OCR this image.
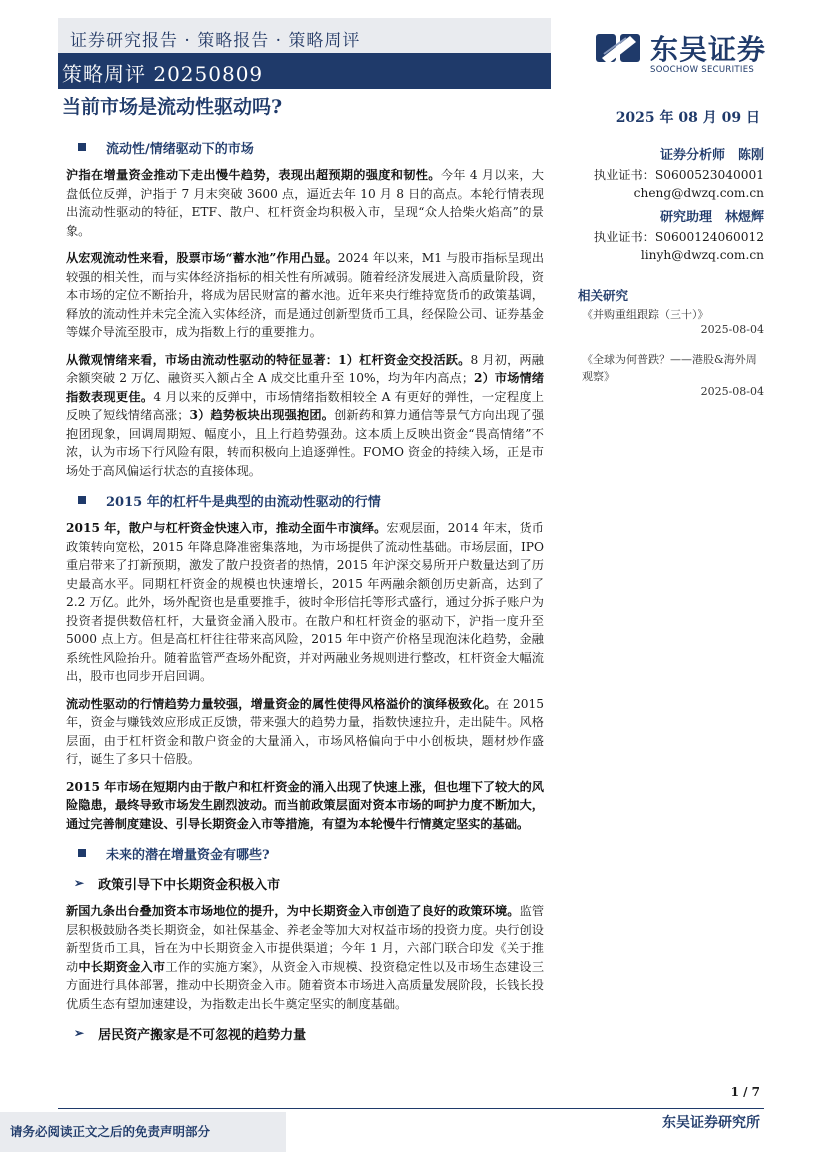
证券研究报告 · 策略报告 · 策略周评
策略周评 20250809
东吴证券
SOOCHOW SECURITIES
当前市场是流动性驱动吗?	2025 年 08 月 09 日
流动性/情绪驱动下的市场

沪指在增量资金推动下走出慢牛趋势，表现出超预期的强度和韧性。今年 4 月以来，大盘低位反弹，沪指于 7 月末突破 3600 点，逼近去年 10 月 8 日的高点。本轮行情表现出流动性驱动的特征，ETF、散户、杠杆资金均积极入市，呈现“众人拾柴火焰高”的景象。

从宏观流动性来看，股票市场“蓄水池”作用凸显。2024 年以来，M1 与股市指标呈现出较强的相关性，而与实体经济指标的相关性有所减弱。随着经济发展进入高质量阶段，资本市场的定位不断抬升，将成为居民财富的蓄水池。近年来央行维持宽货币的政策基调，释放的流动性并未完全流入实体经济，而是通过创新型货币工具，经保险公司、证券基金等媒介导流至股市，成为指数上行的重要推力。

从微观情绪来看，市场由流动性驱动的特征显著：1）杠杆资金交投活跃。8 月初，两融余额突破 2 万亿、融资买入额占全 A 成交比重升至 10%，均为年内高点；2）市场情绪指数表现更佳。4 月以来的反弹中，市场情绪指数相较全 A 有更好的弹性，一定程度上反映了短线情绪高涨；3）趋势板块出现强抱团。创新药和算力通信等景气方向出现了强抱团现象，回调周期短、幅度小，且上行趋势强劲。这本质上反映出资金“畏高情绪”不浓，认为市场下行风险有限，转而积极向上追逐弹性。FOMO 资金的持续入场，正是市场处于高风偏运行状态的直接体现。

2015 年的杠杆牛是典型的由流动性驱动的行情

2015 年，散户与杠杆资金快速入市，推动全面牛市演绎。宏观层面，2014 年末，货币政策转向宽松，2015 年降息降准密集落地，为市场提供了流动性基础。市场层面，IPO 重启带来了打新预期，激发了散户投资者的热情，2015 年沪深交易所开户数量达到了历史最高水平。同期杠杆资金的规模也快速增长，2015 年两融余额创历史新高，达到了 2.2 万亿。此外，场外配资也是重要推手，彼时伞形信托等形式盛行，通过分拆子账户为投资者提供数倍杠杆，大量资金涌入股市。在散户和杠杆资金的驱动下，沪指一度升至 5000 点上方。但是高杠杆往往带来高风险，2015 年中资产价格呈现泡沫化趋势，金融系统性风险抬升。随着监管严查场外配资，并对两融业务规则进行整改，杠杆资金大幅流出，股市也同步开启回调。

流动性驱动的行情趋势力量较强，增量资金的属性使得风格溢价的演绎极致化。在 2015 年，资金与赚钱效应形成正反馈，带来强大的趋势力量，指数快速拉升，走出陡牛。风格层面，由于杠杆资金和散户资金的大量涌入，市场风格偏向于中小创板块，题材炒作盛行，诞生了多只十倍股。

2015 年市场在短期内由于散户和杠杆资金的涌入出现了快速上涨，但也埋下了较大的风险隐患，最终导致市场发生剧烈波动。而当前政策层面对资本市场的呵护力度不断加大，通过完善制度建设、引导长期资金入市等措施，有望为本轮慢牛行情奠定坚实的基础。

未来的潜在增量资金有哪些?
➢ 政策引导下中长期资金积极入市

新国九条出台叠加资本市场地位的提升，为中长期资金入市创造了良好的政策环境。监管层积极鼓励各类长期资金，如社保基金、养老金等加大对权益市场的投资力度。央行创设新型货币工具，旨在为中长期资金入市提供渠道；今年 1 月，六部门联合印发《关于推动中长期资金入市工作的实施方案》，从资金入市规模、投资稳定性以及市场生态建设三方面进行具体部署，推动中长期资金入市。随着资本市场进入高质量发展阶段，长钱长投优质生态有望加速建设，为指数走出长牛奠定坚实的制度基础。

➢ 居民资产搬家是不可忽视的趋势力量
证券分析师　陈刚
执业证书：S0600523040001
cheng@dwzq.com.cn
研究助理　林煜辉
执业证书：S0600124060012
linyh@dwzq.com.cn
相关研究
《并购重组跟踪（三十）》
2025-08-04
《全球为何普跌？——港股&海外周观察》
2025-08-04
1 / 7
请务必阅读正文之后的免责声明部分
东吴证券研究所
